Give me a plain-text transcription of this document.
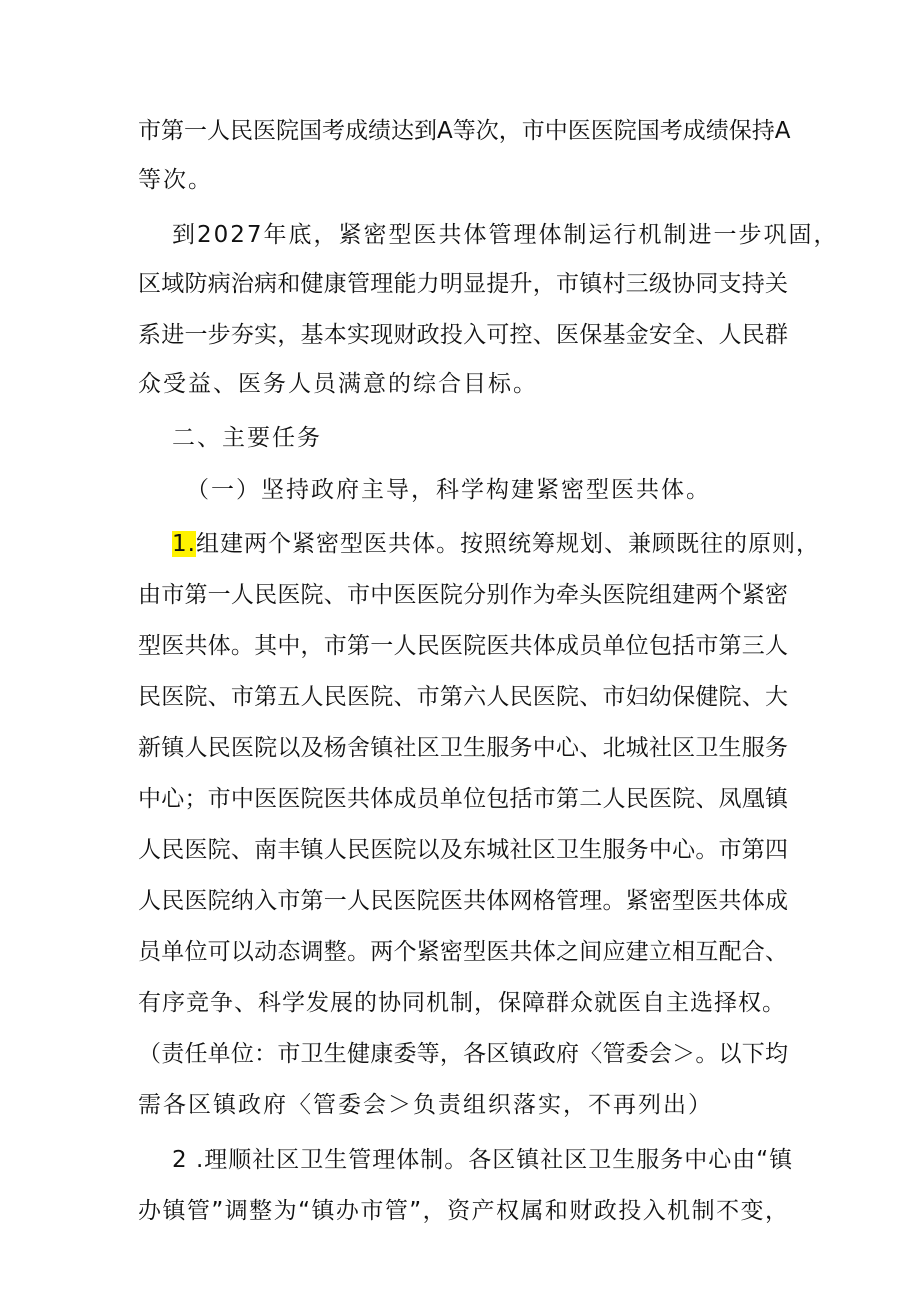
市第一人民医院国考成绩达到A等次，市中医医院国考成绩保持A
等次。
到2027年底，紧密型医共体管理体制运行机制进一步巩固，
区域防病治病和健康管理能力明显提升，市镇村三级协同支持关
系进一步夯实，基本实现财政投入可控、医保基金安全、人民群
众受益、医务人员满意的综合目标。
二、主要任务
（一）坚持政府主导，科学构建紧密型医共体。
1.组建两个紧密型医共体。按照统筹规划、兼顾既往的原则，
由市第一人民医院、市中医医院分别作为牵头医院组建两个紧密
型医共体。其中，市第一人民医院医共体成员单位包括市第三人
民医院、市第五人民医院、市第六人民医院、市妇幼保健院、大
新镇人民医院以及杨舍镇社区卫生服务中心、北城社区卫生服务
中心；市中医医院医共体成员单位包括市第二人民医院、凤凰镇
人民医院、南丰镇人民医院以及东城社区卫生服务中心。市第四
人民医院纳入市第一人民医院医共体网格管理。紧密型医共体成
员单位可以动态调整。两个紧密型医共体之间应建立相互配合、
有序竞争、科学发展的协同机制，保障群众就医自主选择权。
（责任单位：市卫生健康委等，各区镇政府〈管委会＞。以下均
需各区镇政府〈管委会＞负责组织落实，不再列出）
2 .理顺社区卫生管理体制。各区镇社区卫生服务中心由“镇
办镇管”调整为“镇办市管”，资产权属和财政投入机制不变，
